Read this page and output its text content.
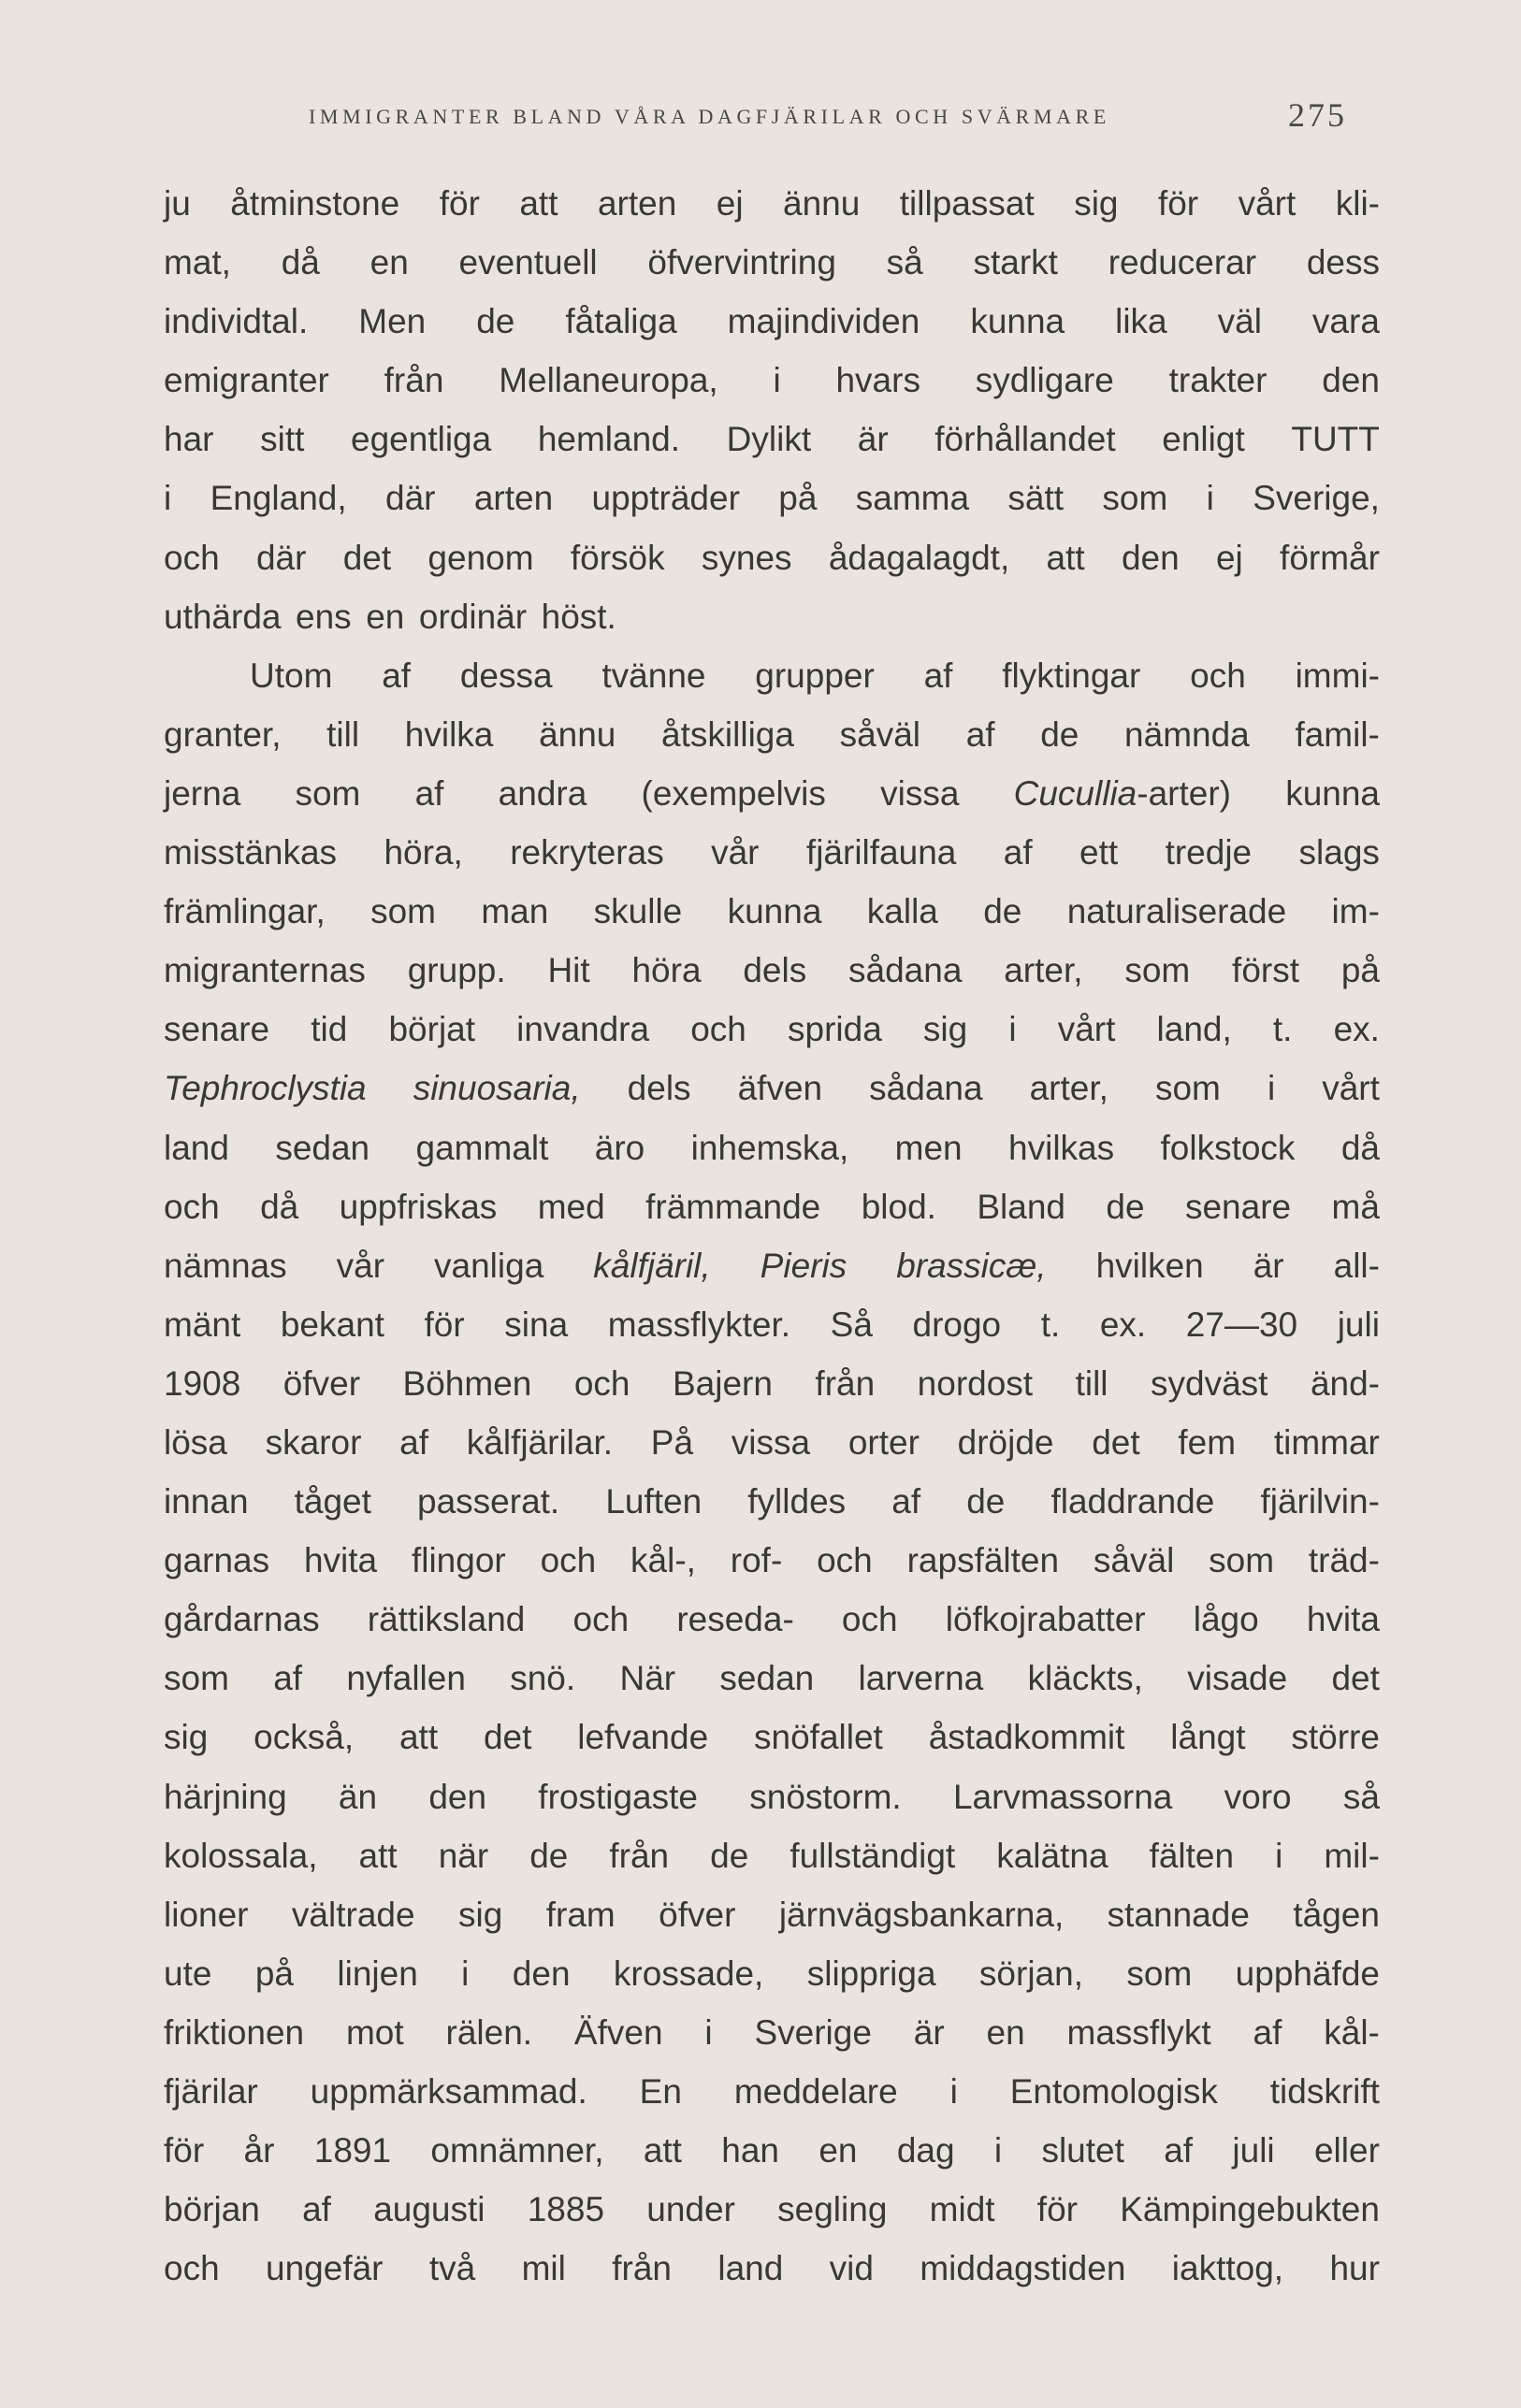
IMMIGRANTER BLAND VÅRA DAGFJÄRILAR OCH SVÄRMARE	275
ju åtminstone för att arten ej ännu tillpassat sig för vårt kli-
mat, då en eventuell öfvervintring så starkt reducerar dess
individtal. Men de fåtaliga majindividen kunna lika väl vara
emigranter från Mellaneuropa, i hvars sydligare trakter den
har sitt egentliga hemland. Dylikt är förhållandet enligt TUTT
i England, där arten uppträder på samma sätt som i Sverige,
och där det genom försök synes ådagalagdt, att den ej förmår
uthärda ens en ordinär höst.
Utom af dessa tvänne grupper af flyktingar och immi-
granter, till hvilka ännu åtskilliga såväl af de nämnda famil-
jerna som af andra (exempelvis vissa Cucullia-arter) kunna
misstänkas höra, rekryteras vår fjärilfauna af ett tredje slags
främlingar, som man skulle kunna kalla de naturaliserade im-
migranternas grupp. Hit höra dels sådana arter, som först på
senare tid börjat invandra och sprida sig i vårt land, t. ex.
Tephroclystia sinuosaria, dels äfven sådana arter, som i vårt
land sedan gammalt äro inhemska, men hvilkas folkstock då
och då uppfriskas med främmande blod. Bland de senare må
nämnas vår vanliga kålfjäril, Pieris brassicæ, hvilken är all-
mänt bekant för sina massflykter. Så drogo t. ex. 27—30 juli
1908 öfver Böhmen och Bajern från nordost till sydväst änd-
lösa skaror af kålfjärilar. På vissa orter dröjde det fem timmar
innan tåget passerat. Luften fylldes af de fladdrande fjärilvin-
garnas hvita flingor och kål-, rof- och rapsfälten såväl som träd-
gårdarnas rättiksland och reseda- och löfkojrabatter lågo hvita
som af nyfallen snö. När sedan larverna kläckts, visade det
sig också, att det lefvande snöfallet åstadkommit långt större
härjning än den frostigaste snöstorm. Larvmassorna voro så
kolossala, att när de från de fullständigt kalätna fälten i mil-
lioner vältrade sig fram öfver järnvägsbankarna, stannade tågen
ute på linjen i den krossade, slippriga sörjan, som upphäfde
friktionen mot rälen. Äfven i Sverige är en massflykt af kål-
fjärilar uppmärksammad. En meddelare i Entomologisk tidskrift
för år 1891 omnämner, att han en dag i slutet af juli eller
början af augusti 1885 under segling midt för Kämpingebukten
och ungefär två mil från land vid middagstiden iakttog, hur
